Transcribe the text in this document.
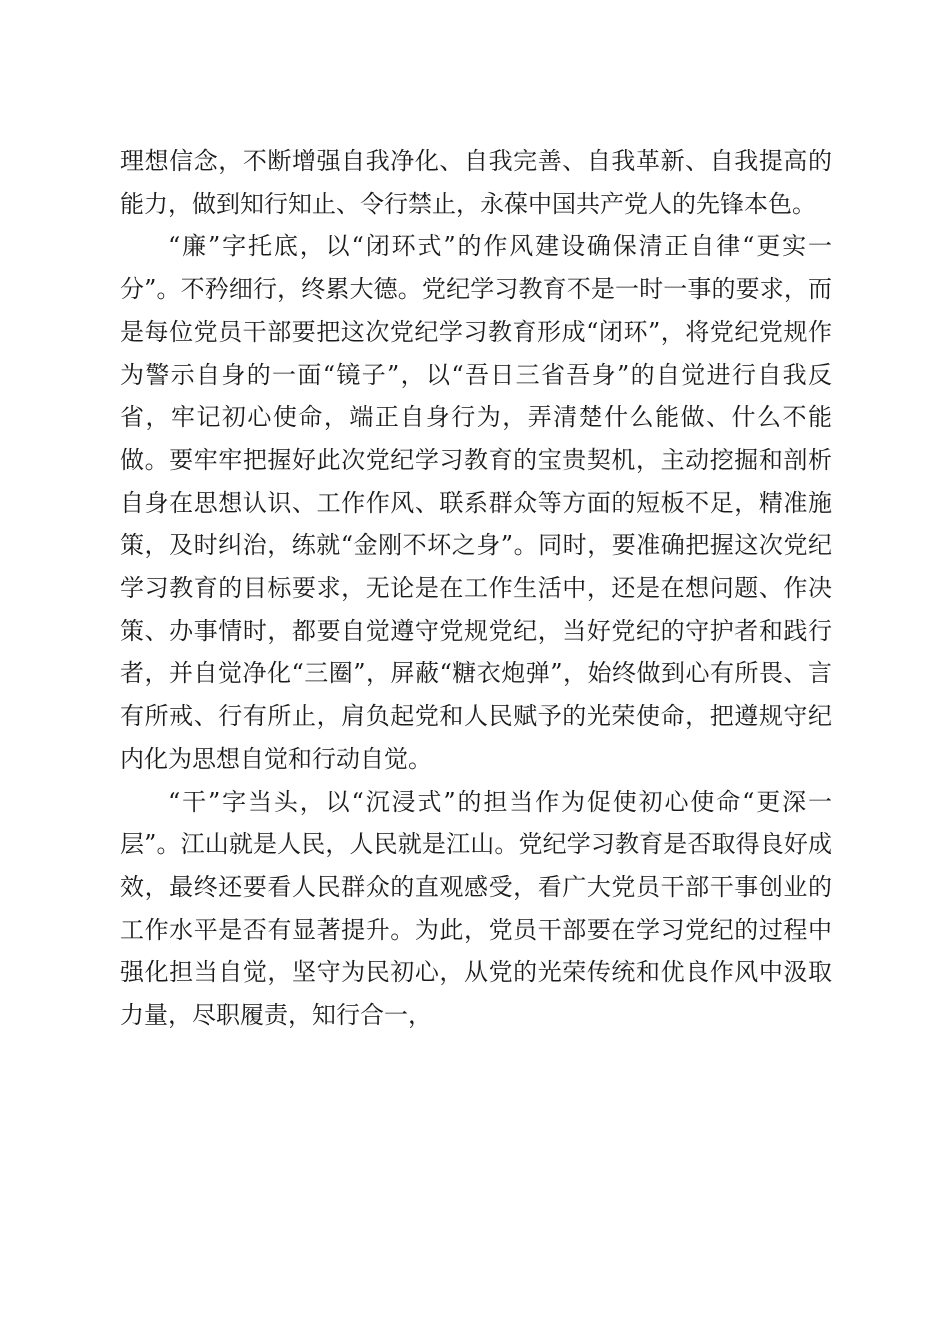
理想信念，不断增强自我净化、自我完善、自我革新、自我提高的能力，做到知行知止、令行禁止，永葆中国共产党人的先锋本色。

“廉”字托底，以“闭环式”的作风建设确保清正自律“更实一分”。不矜细行，终累大德。党纪学习教育不是一时一事的要求，而是每位党员干部要把这次党纪学习教育形成“闭环”，将党纪党规作为警示自身的一面“镜子”，以“吾日三省吾身”的自觉进行自我反省，牢记初心使命，端正自身行为，弄清楚什么能做、什么不能做。要牢牢把握好此次党纪学习教育的宝贵契机，主动挖掘和剖析自身在思想认识、工作作风、联系群众等方面的短板不足，精准施策，及时纠治，练就“金刚不坏之身”。同时，要准确把握这次党纪学习教育的目标要求，无论是在工作生活中，还是在想问题、作决策、办事情时，都要自觉遵守党规党纪，当好党纪的守护者和践行者，并自觉净化“三圈”，屏蔽“糖衣炮弹”，始终做到心有所畏、言有所戒、行有所止，肩负起党和人民赋予的光荣使命，把遵规守纪内化为思想自觉和行动自觉。

“干”字当头，以“沉浸式”的担当作为促使初心使命“更深一层”。江山就是人民，人民就是江山。党纪学习教育是否取得良好成效，最终还要看人民群众的直观感受，看广大党员干部干事创业的工作水平是否有显著提升。为此，党员干部要在学习党纪的过程中强化担当自觉，坚守为民初心，从党的光荣传统和优良作风中汲取力量，尽职履责，知行合一，
